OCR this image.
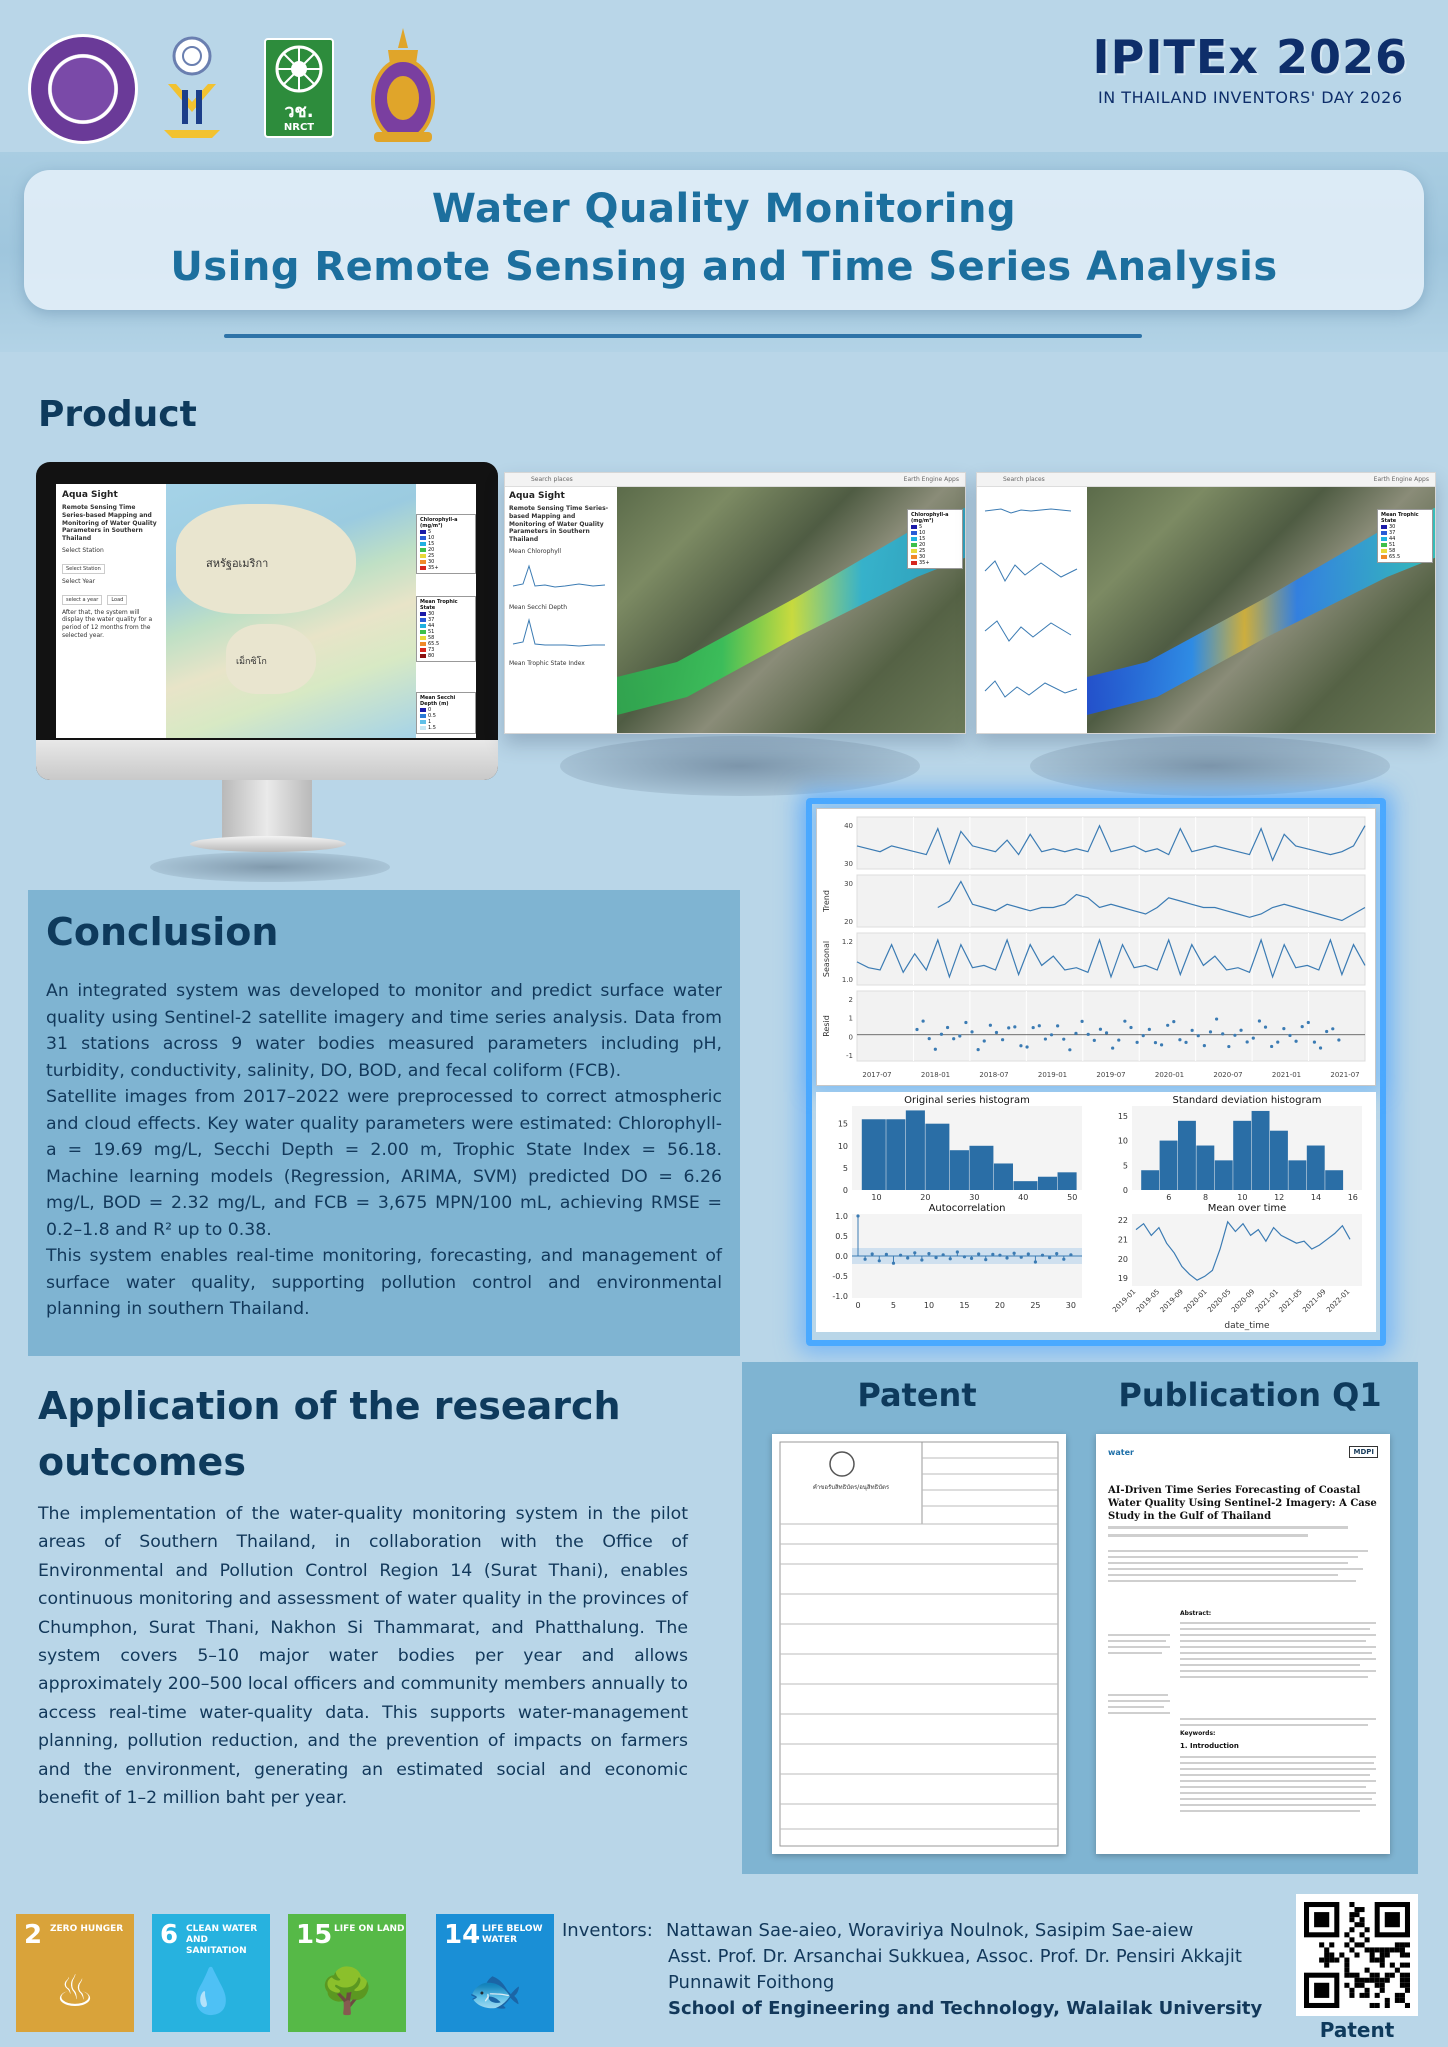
วช.
NRCT
IPITEx 2026
IN THAILAND INVENTORS' DAY 2026
Water Quality Monitoring
Using Remote Sensing and Time Series Analysis
Product
Aqua Sight
Remote Sensing Time Series-based Mapping and Monitoring of Water Quality Parameters in Southern Thailand
Select Station
Select Station
Select Year
select a year	Load
After that, the system will display the water quality for a period of 12 months from the selected year.
สหรัฐอเมริกา
เม็กซิโก
Chlorophyll-a (mg/m³)
5
10
15
20
25
30
35+
Mean Trophic State
30
37
44
51
58
65.5
73
80
Mean Secchi Depth (m)
0
0.5
1
1.5
Search places	Earth Engine Apps
Aqua Sight
Remote Sensing Time Series-based Mapping and Monitoring of Water Quality Parameters in Southern Thailand
Mean Chlorophyll
Mean Secchi Depth
Mean Trophic State Index
Chlorophyll-a (mg/m³)
5
10
15
20
25
30
35+
Search places	Earth Engine Apps
Mean Trophic State
30
37
44
51
58
65.5
40
30
Trend
30
20
Seasonal 1.2
1.0
Resid
2
1
0
-1
2017-07	2018-01	2018-07	2019-01	2019-07	2020-01	2020-07	2021-01	2021-07
Original series histogram
10	20	30	40	50
0
5
10
15
Standard deviation histogram
6	8	10	12	14	16
0
5
10
15
Autocorrelation
0	5	10	15	20	25	30
-1.0
-0.5
0.0
0.5
1.0
Mean over time
19
20
21
22
2019-01
2019-05
2019-09
2020-01
2020-05
2020-09
2021-01
2021-05
2021-09
2022-01
date_time
Conclusion

An integrated system was developed to monitor and predict surface water quality using Sentinel-2 satellite imagery and time series analysis. Data from 31 stations across 9 water bodies measured parameters including pH, turbidity, conductivity, salinity, DO, BOD, and fecal coliform (FCB).

Satellite images from 2017–2022 were preprocessed to correct atmospheric and cloud effects. Key water quality parameters were estimated: Chlorophyll-a = 19.69 mg/L, Secchi Depth = 2.00 m, Trophic State Index = 56.18. Machine learning models (Regression, ARIMA, SVM) predicted DO = 6.26 mg/L, BOD = 2.32 mg/L, and FCB = 3,675 MPN/100 mL, achieving RMSE = 0.2–1.8 and R² up to 0.38.

This system enables real-time monitoring, forecasting, and management of surface water quality, supporting pollution control and environmental planning in southern Thailand.

Application of the research outcomes
The implementation of the water-quality monitoring system in the pilot areas of Southern Thailand, in collaboration with the Office of Environmental and Pollution Control Region 14 (Surat Thani), enables continuous monitoring and assessment of water quality in the provinces of Chumphon, Surat Thani, Nakhon Si Thammarat, and Phatthalung. The system covers 5–10 major water bodies per year and allows approximately 200–500 local officers and community members annually to access real-time water-quality data. This supports water-management planning, pollution reduction, and the prevention of impacts on farmers and the environment, generating an estimated social and economic benefit of 1–2 million baht per year.
Patent	Publication Q1
คำขอรับสิทธิบัตร/อนุสิทธิบัตร
water	MDPI
AI-Driven Time Series Forecasting of Coastal Water Quality Using Sentinel-2 Imagery: A Case Study in the Gulf of Thailand
Abstract:
Keywords:
1. Introduction
2 ZERO HUNGER
♨
6 CLEAN WATER AND SANITATION
💧
15 LIFE ON LAND
🌳
14 LIFE BELOW WATER
🐟
Inventors: Nattawan Sae-aieo, Woraviriya Noulnok, Sasipim Sae-aiew
Asst. Prof. Dr. Arsanchai Sukkuea, Assoc. Prof. Dr. Pensiri Akkajit
Punnawit Foithong
School of Engineering and Technology, Walailak University
Patent
